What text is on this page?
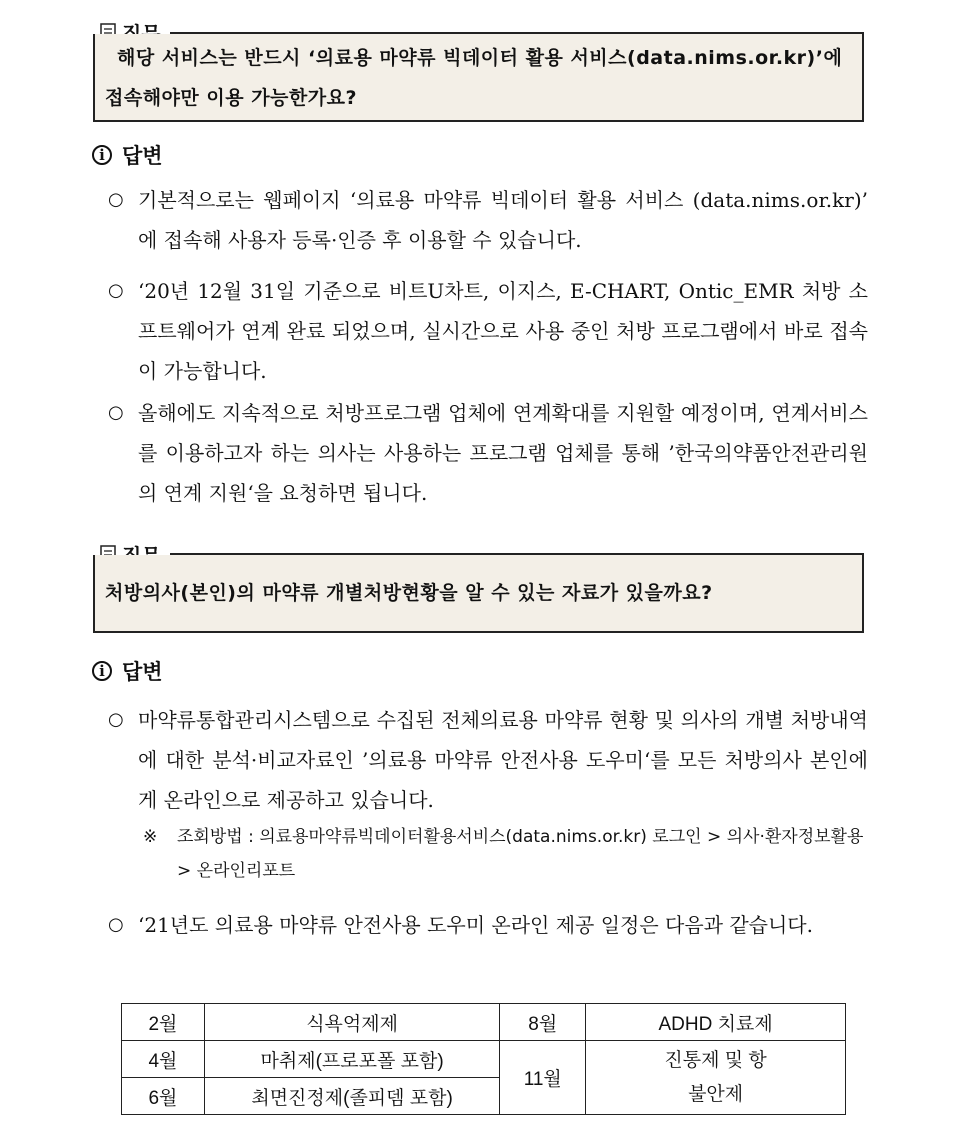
해당 서비스는 반드시 ‘의료용 마약류 빅데이터 활용 서비스(data.nims.or.kr)’에 접속해야만 이용 가능한가요?
i 답변
○ 기본적으로는 웹페이지 ‘의료용 마약류 빅데이터 활용 서비스 (data.nims.or.kr)’ 에 접속해 사용자 등록·인증 후 이용할 수 있습니다.
○ ‘20년 12월 31일 기준으로 비트U차트, 이지스, E-CHART, Ontic_EMR 처방 소프트웨어가 연계 완료 되었으며, 실시간으로 사용 중인 처방 프로그램에서 바로 접속이 가능합니다.
○ 올해에도 지속적으로 처방프로그램 업체에 연계확대를 지원할 예정이며, 연계서비스를 이용하고자 하는 의사는 사용하는 프로그램 업체를 통해 ’한국의약품안전관리원의 연계 지원‘을 요청하면 됩니다.
처방의사(본인)의 마약류 개별처방현황을 알 수 있는 자료가 있을까요?
i 답변
○ 마약류통합관리시스템으로 수집된 전체의료용 마약류 현황 및 의사의 개별 처방내역에 대한 분석·비교자료인 ’의료용 마약류 안전사용 도우미‘를 모든 처방의사 본인에게 온라인으로 제공하고 있습니다.
※	조회방법 : 의료용마약류빅데이터활용서비스(data.nims.or.kr) 로그인 > 의사·환자정보활용 > 온라인리포트
○ ‘21년도 의료용 마약류 안전사용 도우미 온라인 제공 일정은 다음과 같습니다.
2월	식욕억제제	8월	ADHD 치료제
4월	마취제(프로포폴 포함)	11월	진통제 및 항불안제
6월	최면진정제(졸피뎀 포함)		
